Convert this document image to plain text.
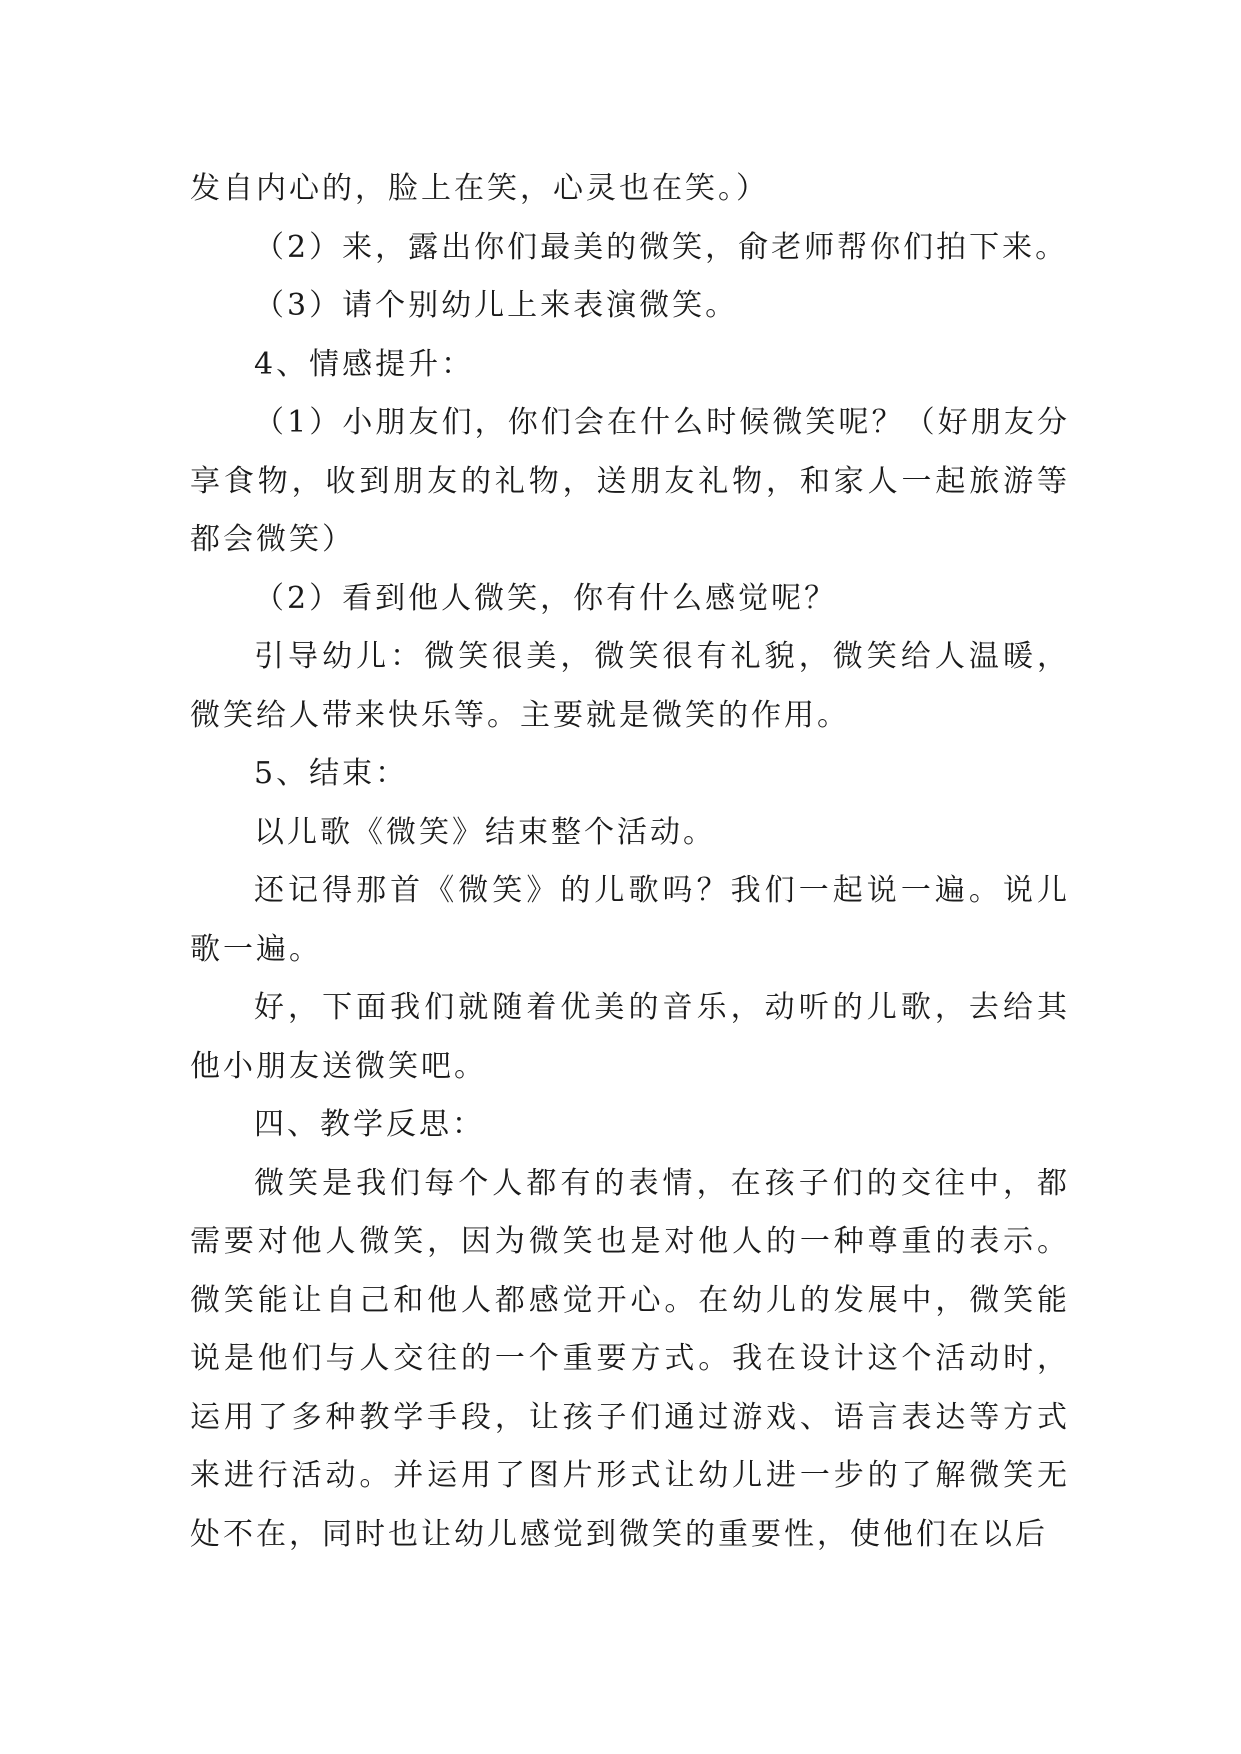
发自内心的，脸上在笑，心灵也在笑。）

（2）来，露出你们最美的微笑，俞老师帮你们拍下来。

（3）请个别幼儿上来表演微笑。

4、情感提升：

（1）小朋友们，你们会在什么时候微笑呢？（好朋友分享食物，收到朋友的礼物，送朋友礼物，和家人一起旅游等都会微笑）

（2）看到他人微笑，你有什么感觉呢？

引导幼儿：微笑很美，微笑很有礼貌，微笑给人温暖，微笑给人带来快乐等。主要就是微笑的作用。

5、结束：

以儿歌《微笑》结束整个活动。

还记得那首《微笑》的儿歌吗？我们一起说一遍。说儿歌一遍。

好，下面我们就随着优美的音乐，动听的儿歌，去给其他小朋友送微笑吧。

四、教学反思：

微笑是我们每个人都有的表情，在孩子们的交往中，都需要对他人微笑，因为微笑也是对他人的一种尊重的表示。微笑能让自己和他人都感觉开心。在幼儿的发展中，微笑能说是他们与人交往的一个重要方式。我在设计这个活动时，运用了多种教学手段，让孩子们通过游戏、语言表达等方式来进行活动。并运用了图片形式让幼儿进一步的了解微笑无处不在，同时也让幼儿感觉到微笑的重要性，使他们在以后
